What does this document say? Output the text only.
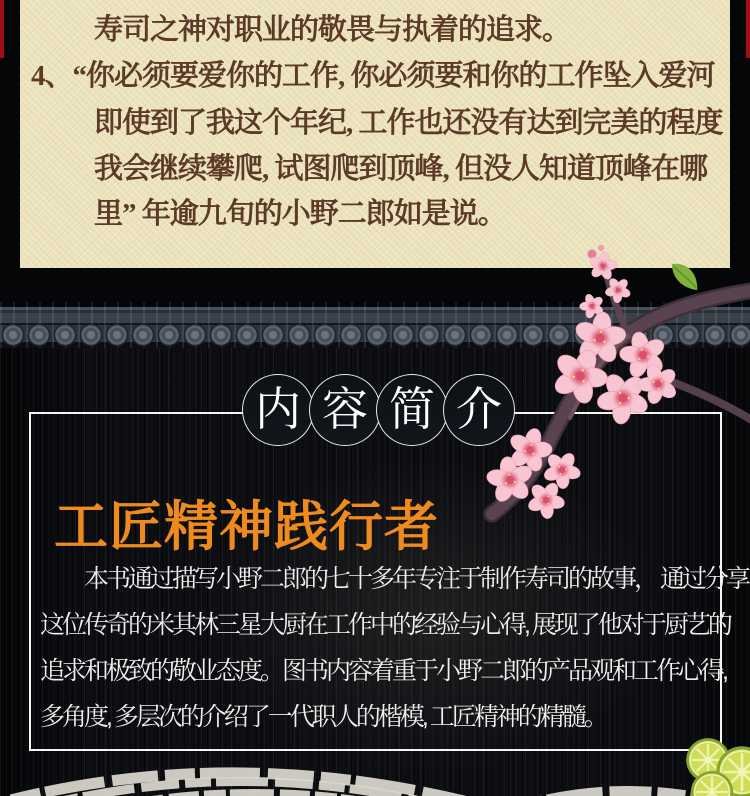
寿司之神对职业的敬畏与执着的追求。
4、“你必须要爱你的工作, 你必须要和你的工作坠入爱河
即使到了我这个年纪, 工作也还没有达到完美的程度
我会继续攀爬, 试图爬到顶峰, 但没人知道顶峰在哪
里” 年逾九旬的小野二郎如是说。
内 容 简 介
工匠精神践行者
本书通过描写小野二郎的七十多年专注于制作寿司的故事， 通过分享
这位传奇的米其林三星大厨在工作中的经验与心得, 展现了他对于厨艺的
追求和极致的敬业态度。图书内容着重于小野二郎的产品观和工作心得,
多角度, 多层次的介绍了一代职人的楷模, 工匠精神的精髓。
